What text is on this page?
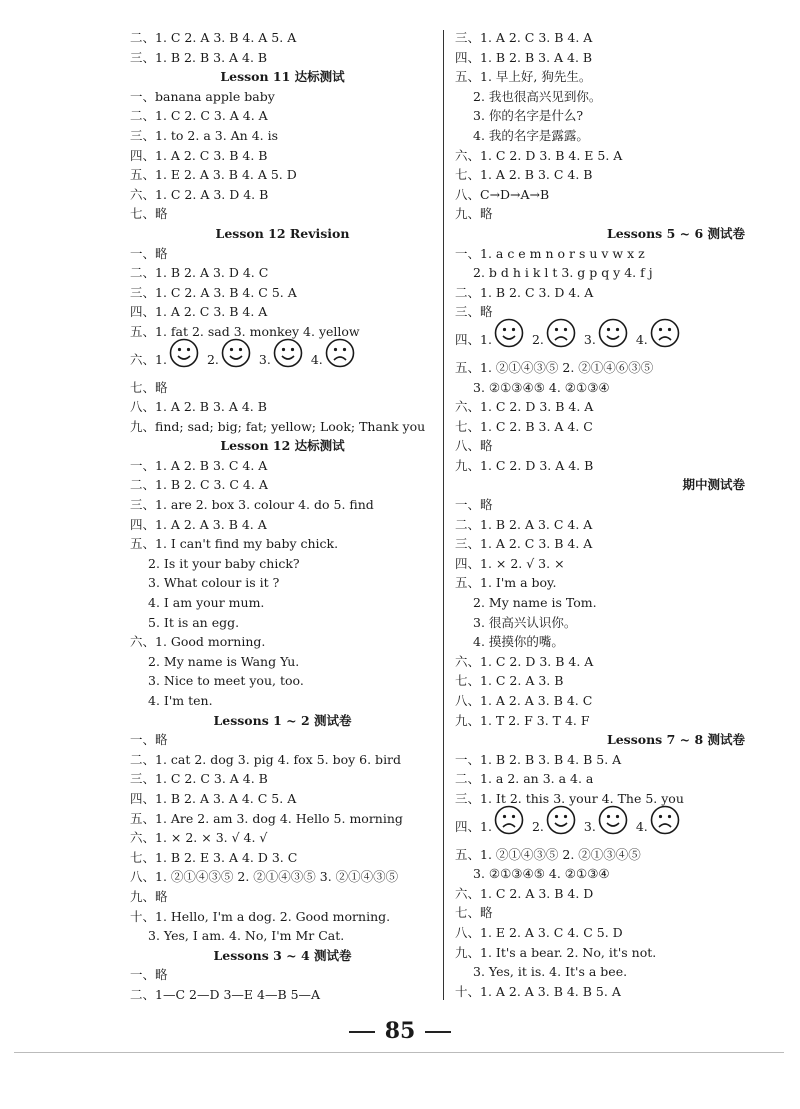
二、1. C 2. A 3. B 4. A 5. A
三、1. B 2. B 3. A 4. B
Lesson 11 达标测试
一、banana apple baby
二、1. C 2. C 3. A 4. A
三、1. to 2. a 3. An 4. is
四、1. A 2. C 3. B 4. B
五、1. E 2. A 3. B 4. A 5. D
六、1. C 2. A 3. D 4. B
七、略
Lesson 12 Revision
一、略
二、1. B 2. A 3. D 4. C
三、1. C 2. A 3. B 4. C 5. A
四、1. A 2. C 3. B 4. A
五、1. fat 2. sad 3. monkey 4. yellow
六、 1.	2.	3.	4.
七、略
八、1. A 2. B 3. A 4. B
九、find; sad; big; fat; yellow; Look; Thank you
Lesson 12 达标测试
一、1. A 2. B 3. C 4. A
二、1. B 2. C 3. C 4. A
三、1. are 2. box 3. colour 4. do 5. find
四、1. A 2. A 3. B 4. A
五、1. I can't find my baby chick.
2. Is it your baby chick?
3. What colour is it ?
4. I am your mum.
5. It is an egg.
六、1. Good morning.
2. My name is Wang Yu.
3. Nice to meet you, too.
4. I'm ten.
Lessons 1 ~ 2 测试卷
一、略
二、1. cat 2. dog 3. pig 4. fox 5. boy 6. bird
三、1. C 2. C 3. A 4. B
四、1. B 2. A 3. A 4. C 5. A
五、1. Are 2. am 3. dog 4. Hello 5. morning
六、1. × 2. × 3. √ 4. √
七、1. B 2. E 3. A 4. D 3. C
八、1. ②①④③⑤ 2. ②①④③⑤ 3. ②①④③⑤
九、略
十、1. Hello, I'm a dog. 2. Good morning.
3. Yes, I am. 4. No, I'm Mr Cat.
Lessons 3 ~ 4 测试卷
一、略
二、1—C 2—D 3—E 4—B 5—A
三、1. A 2. C 3. B 4. A
四、1. B 2. B 3. A 4. B
五、1. 早上好, 狗先生。
2. 我也很高兴见到你。
3. 你的名字是什么?
4. 我的名字是露露。
六、1. C 2. D 3. B 4. E 5. A
七、1. A 2. B 3. C 4. B
八、C→D→A→B
九、略
Lessons 5 ~ 6 测试卷
一、1. a c e m n o r s u v w x z
2. b d h i k l t 3. g p q y 4. f j
二、1. B 2. C 3. D 4. A
三、略
四、 1.	2.	3.	4.
五、1. ②①④③⑤ 2. ②①④⑥③⑤
3. ②①③④⑤ 4. ②①③④
六、1. C 2. D 3. B 4. A
七、1. C 2. B 3. A 4. C
八、略
九、1. C 2. D 3. A 4. B
期中测试卷
一、略
二、1. B 2. A 3. C 4. A
三、1. A 2. C 3. B 4. A
四、1. × 2. √ 3. ×
五、1. I'm a boy.
2. My name is Tom.
3. 很高兴认识你。
4. 摸摸你的嘴。
六、1. C 2. D 3. B 4. A
七、1. C 2. A 3. B
八、1. A 2. A 3. B 4. C
九、1. T 2. F 3. T 4. F
Lessons 7 ~ 8 测试卷
一、1. B 2. B 3. B 4. B 5. A
二、1. a 2. an 3. a 4. a
三、1. It 2. this 3. your 4. The 5. you
四、 1.	2.	3.	4.
五、1. ②①④③⑤ 2. ②①③④⑤
3. ②①③④⑤ 4. ②①③④
六、1. C 2. A 3. B 4. D
七、略
八、1. E 2. A 3. C 4. C 5. D
九、1. It's a bear. 2. No, it's not.
3. Yes, it is. 4. It's a bee.
十、1. A 2. A 3. B 4. B 5. A
85
